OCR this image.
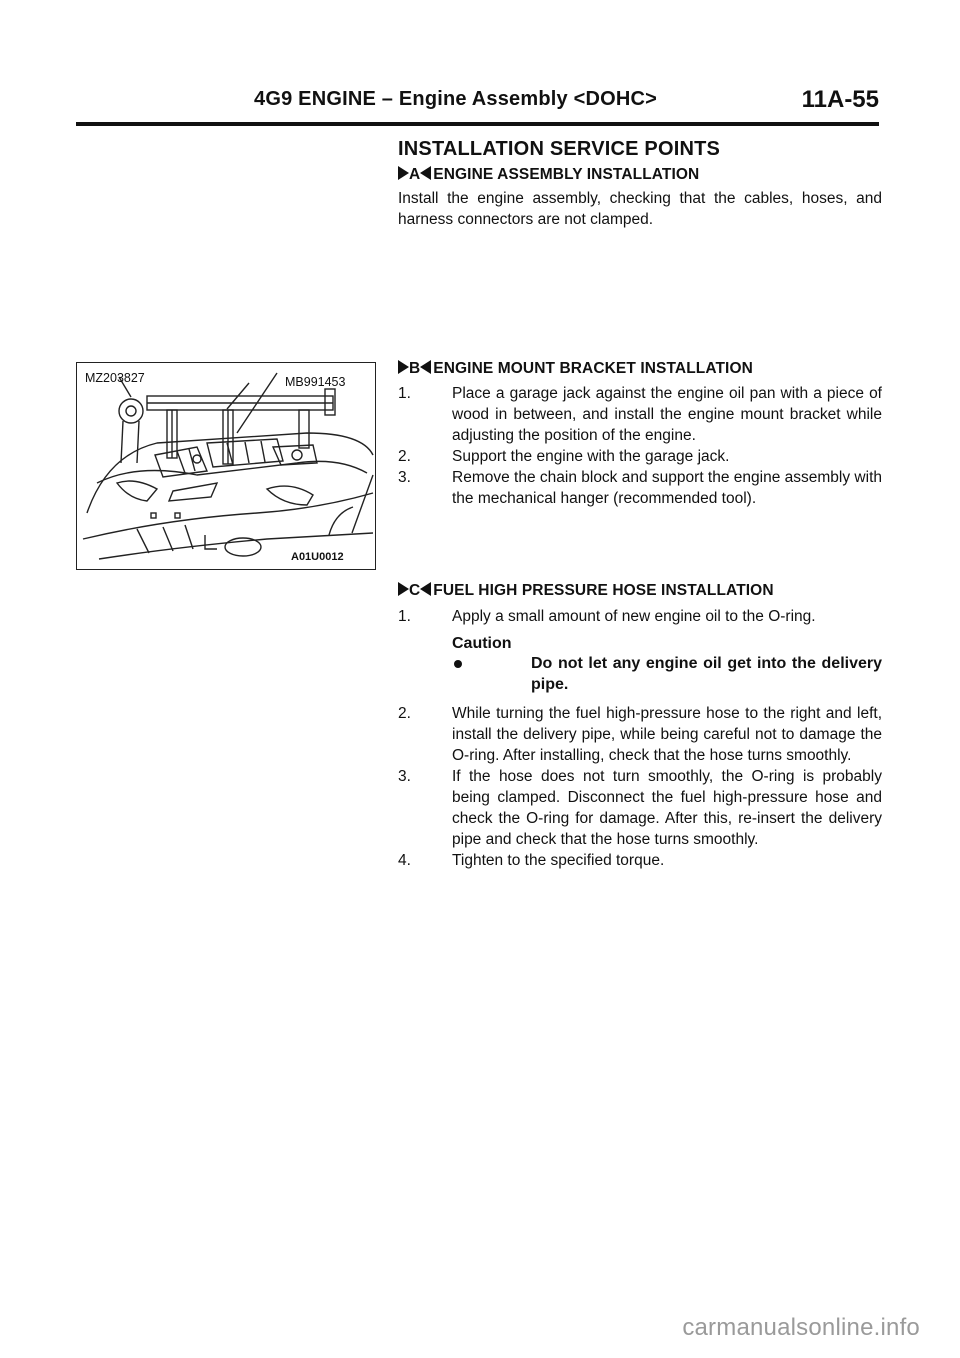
4G9 ENGINE – Engine Assembly <DOHC>	11A-55
INSTALLATION SERVICE POINTS
A ENGINE ASSEMBLY INSTALLATION
Install the engine assembly, checking that the cables, hoses, and harness connectors are not clamped.
MZ203827	MB991453
A01U0012
B ENGINE MOUNT BRACKET INSTALLATION
1.	Place a garage jack against the engine oil pan with a piece of wood in between, and install the engine mount bracket while adjusting the position of the engine.
2.	Support the engine with the garage jack.
3.	Remove the chain block and support the engine assembly with the mechanical hanger (recommended tool).
C FUEL HIGH PRESSURE HOSE INSTALLATION
1.	Apply a small amount of new engine oil to the O-ring.
Caution
Do not let any engine oil get into the delivery pipe.
2.	While turning the fuel high-pressure hose to the right and left, install the delivery pipe, while being careful not to damage the O-ring. After installing, check that the hose turns smoothly.
3.	If the hose does not turn smoothly, the O-ring is probably being clamped. Disconnect the fuel high-pressure hose and check the O-ring for damage. After this, re-insert the delivery pipe and check that the hose turns smoothly.
4.	Tighten to the specified torque.
carmanualsonline.info
